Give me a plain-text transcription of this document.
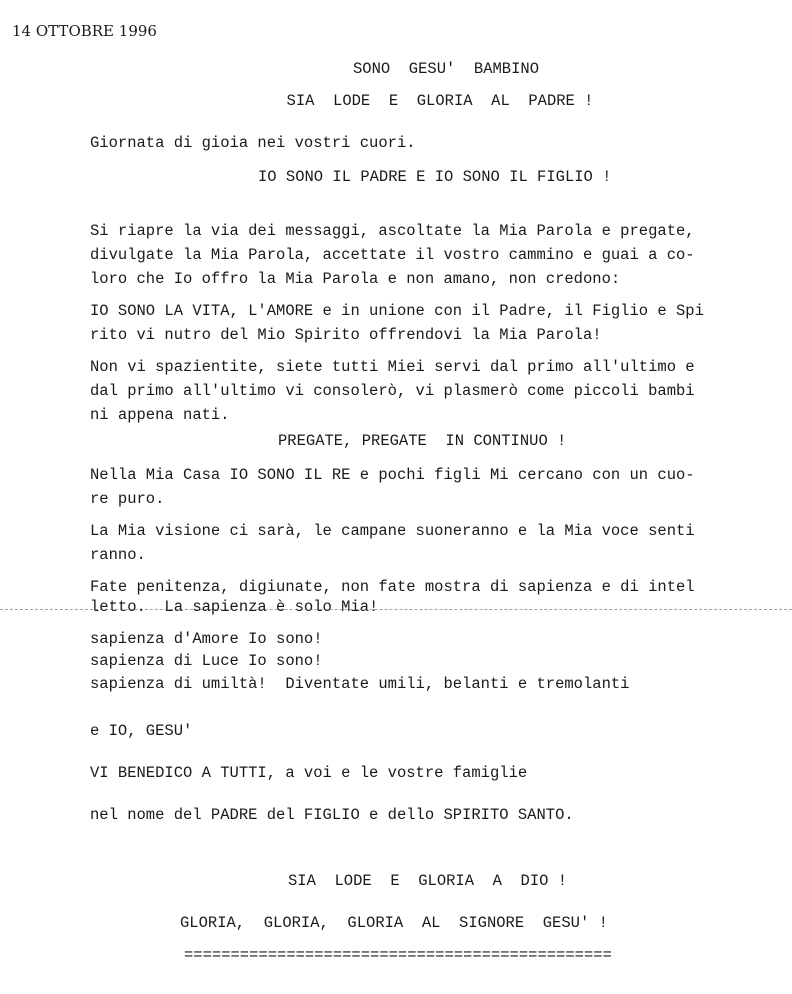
14 OTTOBRE 1996
SONO  GESU'  BAMBINO
SIA  LODE  E  GLORIA  AL  PADRE !
Giornata di gioia nei vostri cuori.
IO SONO IL PADRE E IO SONO IL FIGLIO !
Si riapre la via dei messaggi, ascoltate la Mia Parola e pregate,
divulgate la Mia Parola, accettate il vostro cammino e guai a co-
loro che Io offro la Mia Parola e non amano, non credono:
IO SONO LA VITA, L'AMORE e in unione con il Padre, il Figlio e Spi
rito vi nutro del Mio Spirito offrendovi la Mia Parola!
Non vi spazientite, siete tutti Miei servi dal primo all'ultimo e
dal primo all'ultimo vi consolerò, vi plasmerò come piccoli bambi
ni appena nati.
PREGATE, PREGATE  IN CONTINUO !
Nella Mia Casa IO SONO IL RE e pochi figli Mi cercano con un cuo-
re puro.
La Mia visione ci sarà, le campane suoneranno e la Mia voce senti
ranno.
Fate penitenza, digiunate, non fate mostra di sapienza e di intel
letto.  La sapienza è solo Mia!
sapienza d'Amore Io sono!
sapienza di Luce Io sono!
sapienza di umiltà!  Diventate umili, belanti e tremolanti
e IO, GESU'
VI BENEDICO A TUTTI, a voi e le vostre famiglie
nel nome del PADRE del FIGLIO e dello SPIRITO SANTO.
SIA  LODE  E  GLORIA  A  DIO !
GLORIA,  GLORIA,  GLORIA  AL  SIGNORE  GESU' !
==============================================
